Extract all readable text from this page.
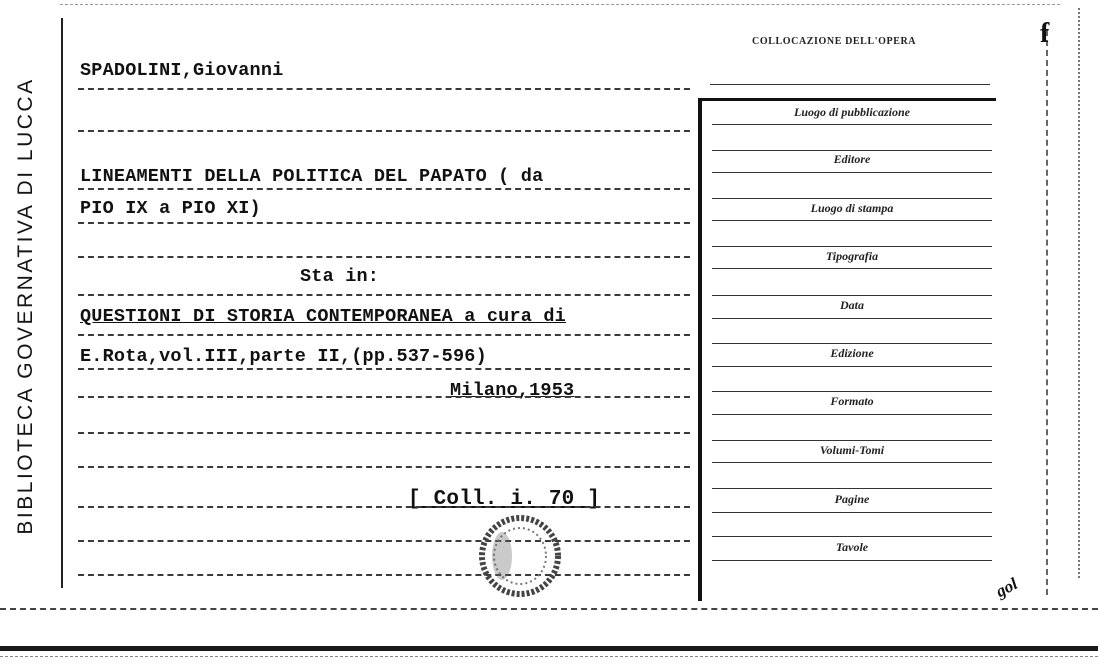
BIBLIOTECA GOVERNATIVA DI LUCCA
SPADOLINI,Giovanni
LINEAMENTI DELLA POLITICA DEL PAPATO ( da
PIO IX a PIO XI)
Sta in:
QUESTIONI DI STORIA CONTEMPORANEA a cura di
E.Rota,vol.III,parte II,(pp.537-596)
Milano,1953
[ Coll. i. 70 ]
COLLOCAZIONE DELL'OPERA
Luogo di pubblicazione
Editore
Luogo di stampa
Tipografia
Data
Edizione
Formato
Volumi-Tomi
Pagine
Tavole
f
gol
